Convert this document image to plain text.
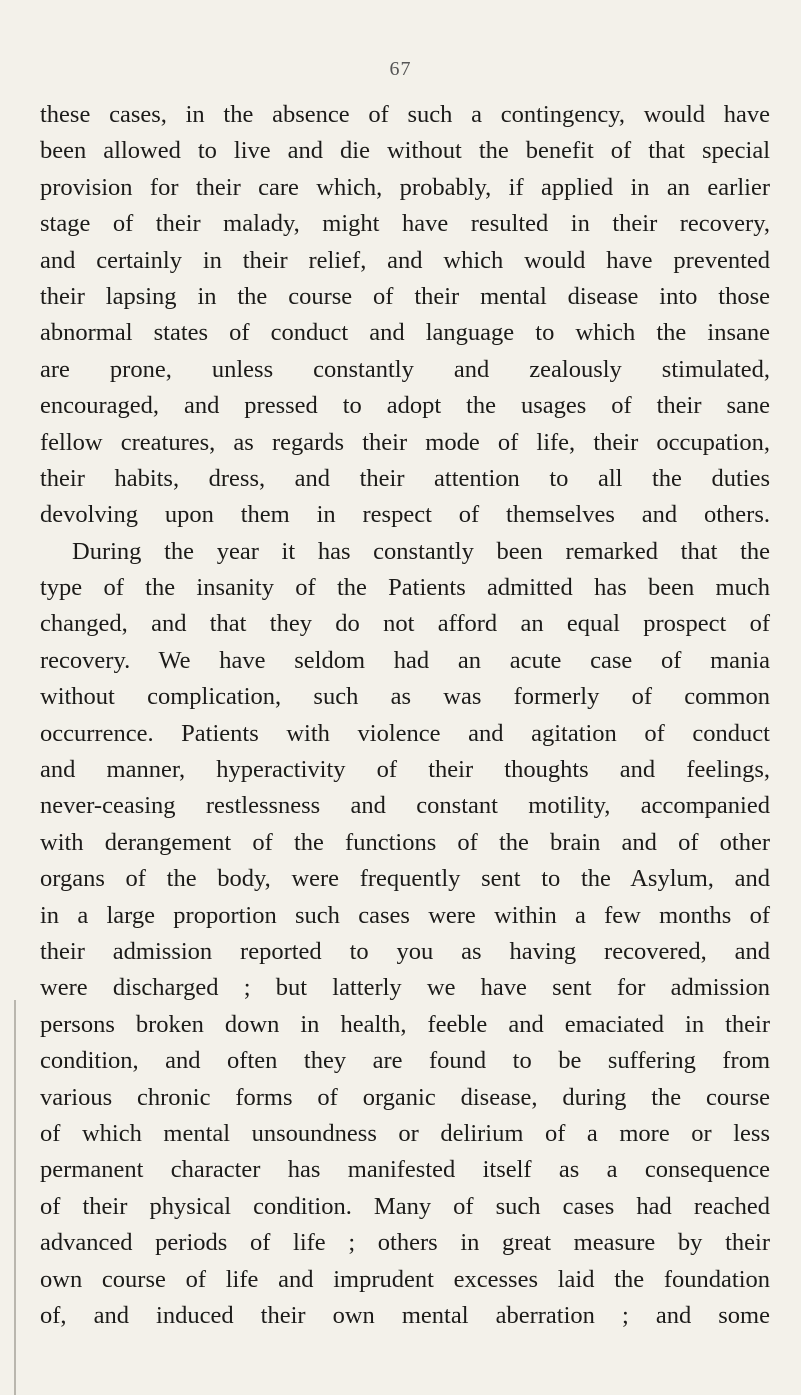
67
these cases, in the absence of such a contingency, would have
been allowed to live and die without the benefit of that special
provision for their care which, probably, if applied in an earlier
stage of their malady, might have resulted in their recovery,
and certainly in their relief, and which would have prevented
their lapsing in the course of their mental disease into those
abnormal states of conduct and language to which the insane
are prone, unless constantly and zealously stimulated,
encouraged, and pressed to adopt the usages of their sane
fellow creatures, as regards their mode of life, their occupation,
their habits, dress, and their attention to all the duties
devolving upon them in respect of themselves and others.
During the year it has constantly been remarked that the
type of the insanity of the Patients admitted has been much
changed, and that they do not afford an equal prospect of
recovery. We have seldom had an acute case of mania
without complication, such as was formerly of common
occurrence. Patients with violence and agitation of conduct
and manner, hyperactivity of their thoughts and feelings,
never-ceasing restlessness and constant motility, accompanied
with derangement of the functions of the brain and of other
organs of the body, were frequently sent to the Asylum, and
in a large proportion such cases were within a few months of
their admission reported to you as having recovered, and
were discharged ; but latterly we have sent for admission
persons broken down in health, feeble and emaciated in their
condition, and often they are found to be suffering from
various chronic forms of organic disease, during the course
of which mental unsoundness or delirium of a more or less
permanent character has manifested itself as a consequence
of their physical condition. Many of such cases had reached
advanced periods of life ; others in great measure by their
own course of life and imprudent excesses laid the foundation
of, and induced their own mental aberration ; and some
